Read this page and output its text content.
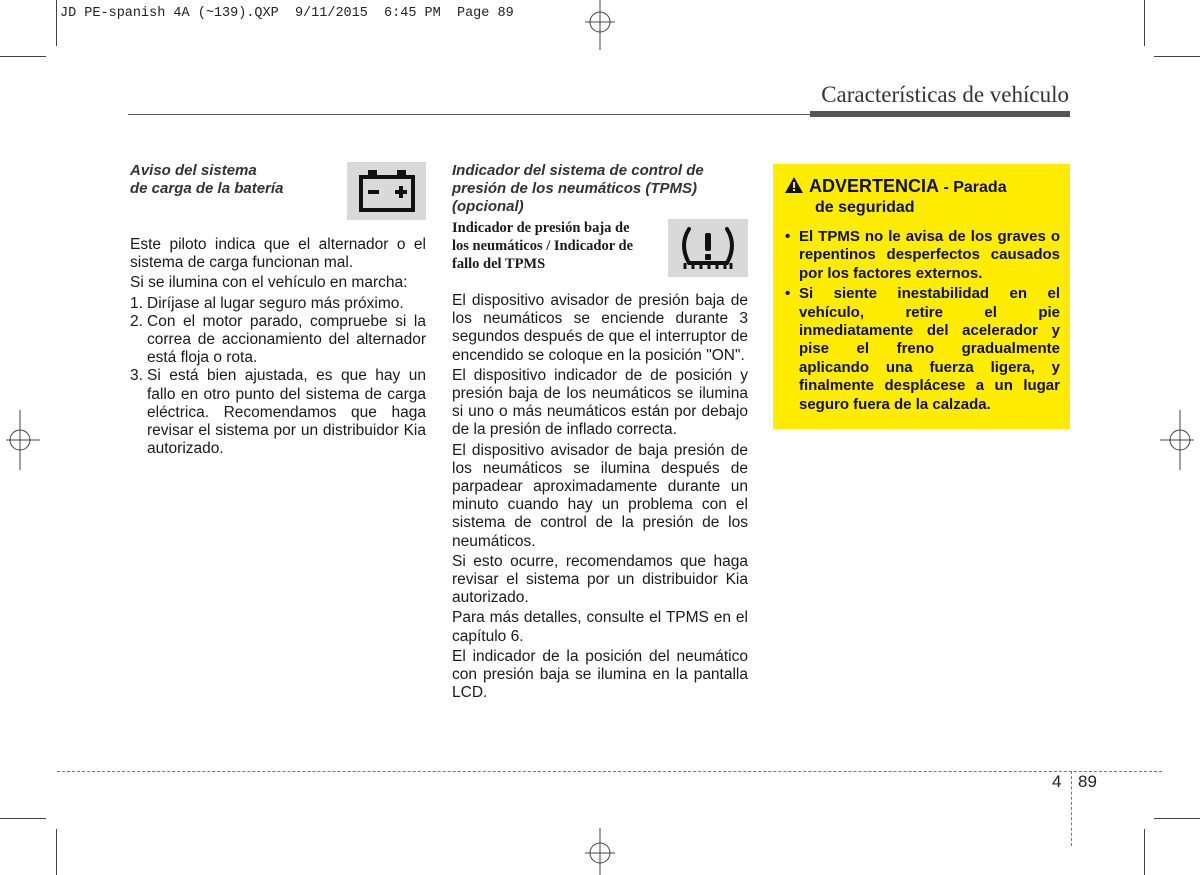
JD PE-spanish 4A (~139).QXP  9/11/2015  6:45 PM  Page 89
Características de vehículo
Aviso del sistema
de carga de la batería

Este piloto indica que el alternador o el sistema de carga funcionan mal.

Si se ilumina con el vehículo en marcha:

1. Diríjase al lugar seguro más próximo.
2. Con el motor parado, compruebe si la correa de accionamiento del alternador está floja o rota.
3. Si está bien ajustada, es que hay un fallo en otro punto del sistema de carga eléctrica. Recomendamos que haga revisar el sistema por un distribuidor Kia autorizado.
Indicador del sistema de control de
presión de los neumáticos (TPMS)
(opcional)
Indicador de presión baja de
los neumáticos / Indicador de
fallo del TPMS

El dispositivo avisador de presión baja de los neumáticos se enciende durante 3 segundos después de que el interruptor de encendido se coloque en la posición "ON".

El dispositivo indicador de de posición y presión baja de los neumáticos se ilumina si uno o más neumáticos están por debajo de la presión de inflado correcta.

El dispositivo avisador de baja presión de los neumáticos se ilumina después de parpadear aproximadamente durante un minuto cuando hay un problema con el sistema de control de la presión de los neumáticos.

Si esto ocurre, recomendamos que haga revisar el sistema por un distribuidor Kia autorizado.

Para más detalles, consulte el TPMS en el capítulo 6.

El indicador de la posición del neumático con presión baja se ilumina en la pantalla LCD.

ADVERTENCIA - Parada
de seguridad
• El TPMS no le avisa de los graves o repentinos desperfectos causados por los factores externos.
• Si siente inestabilidad en el vehículo, retire el pie inmediatamente del acelerador y pise el freno gradualmente aplicando una fuerza ligera, y finalmente desplácese a un lugar seguro fuera de la calzada.
4 89
